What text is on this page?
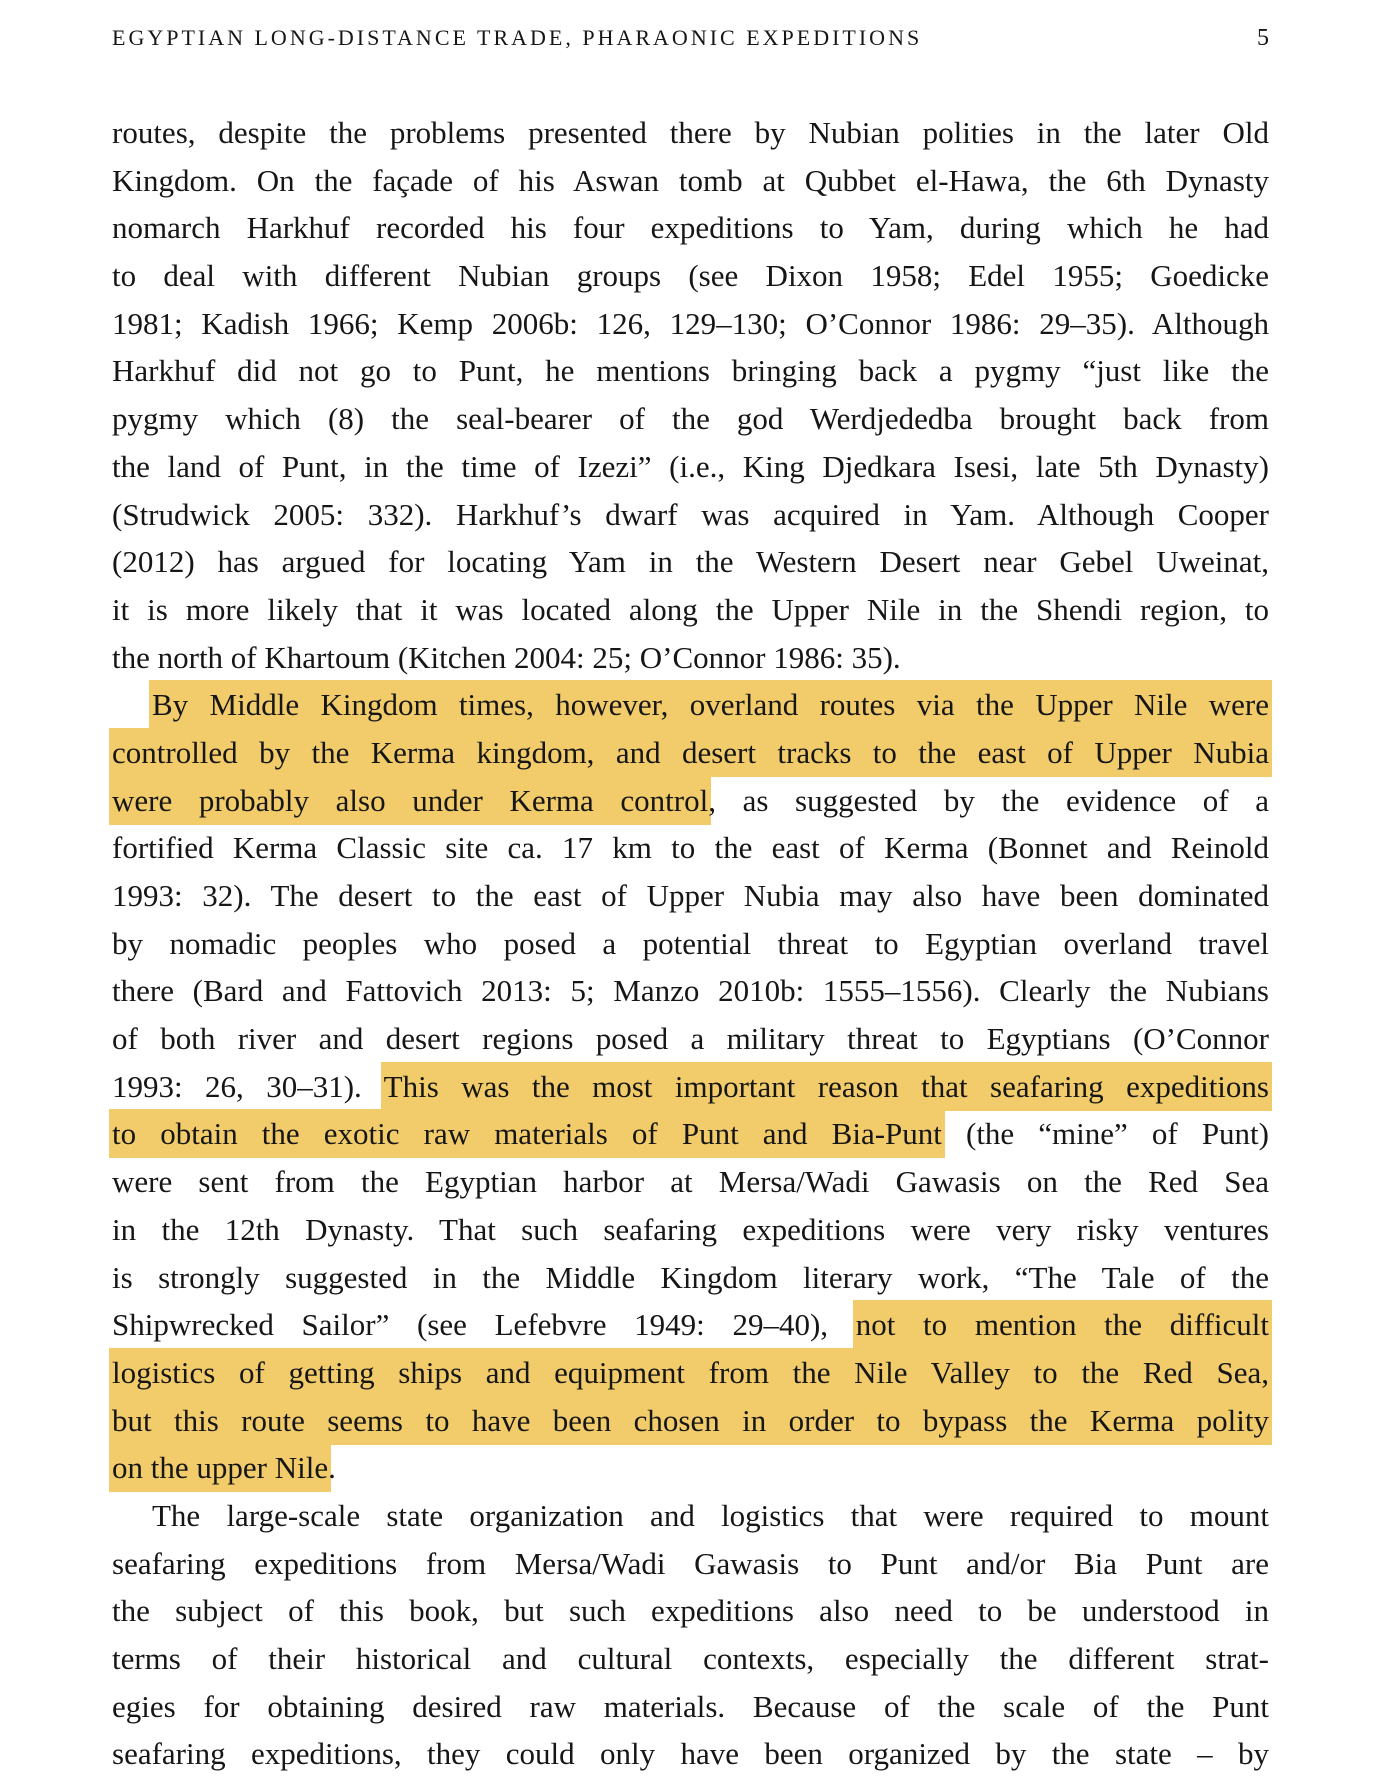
EGYPTIAN LONG-DISTANCE TRADE, PHARAONIC EXPEDITIONS	5
routes, despite the problems presented there by Nubian polities in the later Old
Kingdom. On the façade of his Aswan tomb at Qubbet el-Hawa, the 6th Dynasty
nomarch Harkhuf recorded his four expeditions to Yam, during which he had
to deal with different Nubian groups (see Dixon 1958; Edel 1955; Goedicke
1981; Kadish 1966; Kemp 2006b: 126, 129–130; O’Connor 1986: 29–35). Although
Harkhuf did not go to Punt, he mentions bringing back a pygmy “just like the
pygmy which (8) the seal-bearer of the god Werdjededba brought back from
the land of Punt, in the time of Izezi” (i.e., King Djedkara Isesi, late 5th Dynasty)
(Strudwick 2005: 332). Harkhuf’s dwarf was acquired in Yam. Although Cooper
(2012) has argued for locating Yam in the Western Desert near Gebel Uweinat,
it is more likely that it was located along the Upper Nile in the Shendi region, to
the north of Khartoum (Kitchen 2004: 25; O’Connor 1986: 35).
By Middle Kingdom times, however, overland routes via the Upper Nile were
controlled by the Kerma kingdom, and desert tracks to the east of Upper Nubia
were probably also under Kerma control, as suggested by the evidence of a
fortified Kerma Classic site ca. 17 km to the east of Kerma (Bonnet and Reinold
1993: 32). The desert to the east of Upper Nubia may also have been dominated
by nomadic peoples who posed a potential threat to Egyptian overland travel
there (Bard and Fattovich 2013: 5; Manzo 2010b: 1555–1556). Clearly the Nubians
of both river and desert regions posed a military threat to Egyptians (O’Connor
1993: 26, 30–31). This was the most important reason that seafaring expeditions
to obtain the exotic raw materials of Punt and Bia-Punt (the “mine” of Punt)
were sent from the Egyptian harbor at Mersa/Wadi Gawasis on the Red Sea
in the 12th Dynasty. That such seafaring expeditions were very risky ventures
is strongly suggested in the Middle Kingdom literary work, “The Tale of the
Shipwrecked Sailor” (see Lefebvre 1949: 29–40), not to mention the difficult
logistics of getting ships and equipment from the Nile Valley to the Red Sea,
but this route seems to have been chosen in order to bypass the Kerma polity
on the upper Nile.
The large-scale state organization and logistics that were required to mount
seafaring expeditions from Mersa/Wadi Gawasis to Punt and/or Bia Punt are
the subject of this book, but such expeditions also need to be understood in
terms of their historical and cultural contexts, especially the different strat-
egies for obtaining desired raw materials. Because of the scale of the Punt
seafaring expeditions, they could only have been organized by the state – by
